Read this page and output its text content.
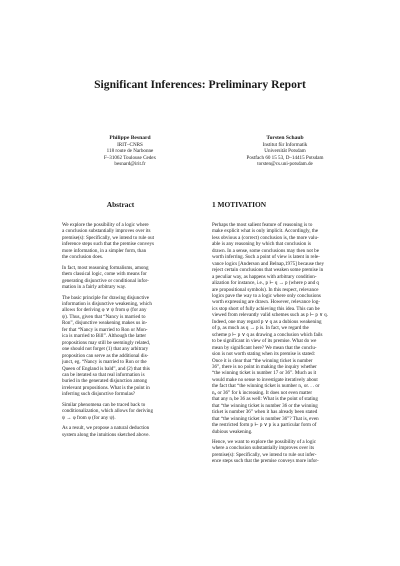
Significant Inferences: Preliminary Report
Philippe Besnard
IRIT–CNRS
118 route de Narbonne
F–31062 Toulouse Cedex
besnard@irit.fr
Torsten Schaub
Institut für Informatik
Universität Potsdam
Postfach 60 15 53, D–14415 Potsdam
torsten@cs.uni-potsdam.de
Abstract	1 MOTIVATION
We explore the possibility of a logic where
a conclusion substantially improves over its
premise(s): Specifically, we intend to rule out
inference steps such that the premise conveys
more information, in a simpler form, than
the conclusion does.
In fact, most reasoning formalisms, among
them classical logic, come with means for
generating disjunctive or conditional infor-
mation in a fairly arbitrary way.
The basic principle for drawing disjunctive
information is disjunctive weakening, which
allows for deriving φ ∨ ψ from φ (for any
ψ). Thus, given that “Nancy is married to
Ron”, disjunctive weakening makes us in-
fer that “Nancy is married to Ron or Mon-
ica is married to Bill”. Although the latter
propositions may still be seemingly related,
one should not forget (1) that any arbitrary
proposition can serve as the additional dis-
junct, eg. “Nancy is married to Ron or the
Queen of England is bald”, and (2) that this
can be iterated so that real information is
buried in the generated disjunction among
irrelevant propositions. What is the point in
inferring such disjunctive formulas?
Similar phenomena can be traced back to
conditionalization, which allows for deriving
ψ → φ from φ (for any ψ).
As a result, we propose a natural deduction
system along the intuitions sketched above.
Perhaps the most salient feature of reasoning is to
make explicit what is only implicit. Accordingly, the
less obvious a (correct) conclusion is, the more valu-
able is any reasoning by which that conclusion is
drawn. In a sense, some conclusions may then not be
worth inferring. Such a point of view is latent in rele-
vance logics [Anderson and Belnap,1975] because they
reject certain conclusions that weaken some premise in
a peculiar way, as happens with arbitrary condition-
alization for instance, i.e., p ⊢ q → p (where p and q
are propositional symbols). In this respect, relevance
logics pave the way to a logic where only conclusions
worth expressing are drawn. However, relevance log-
ics stop short of fully achieving this idea. This can be
viewed from relevantly valid schemes such as p ⊢ p ∨ q.
Indeed, one may regard p ∨ q as a dubious weakening
of p, as much as q → p is. In fact, we regard the
scheme p ⊢ p ∨ q as drawing a conclusion which fails
to be significant in view of its premise. What do we
mean by significant here? We mean that the conclu-
sion is not worth stating when its premise is stated:
Once it is clear that “the winning ticket is number
36”, there is no point in making the inquiry whether
“the winning ticket is number 17 or 36”. Much as it
would make no sense to investigate iteratively about
the fact that “the winning ticket is number n₁ or. . . or
n₈ or 36” for k increasing. It does not even matter
that any nᵢ be 36 as well: What is the point of stating
that “the winning ticket is number 36 or the winning
ticket is number 36” when it has already been stated
that “the winning ticket is number 36”? That is, even
the restricted form p ⊢ p ∨ p is a particular form of
dubious weakening.
Hence, we want to explore the possibility of a logic
where a conclusion substantially improves over its
premise(s): Specifically, we intend to rule out infer-
ence steps such that the premise conveys more infor-
